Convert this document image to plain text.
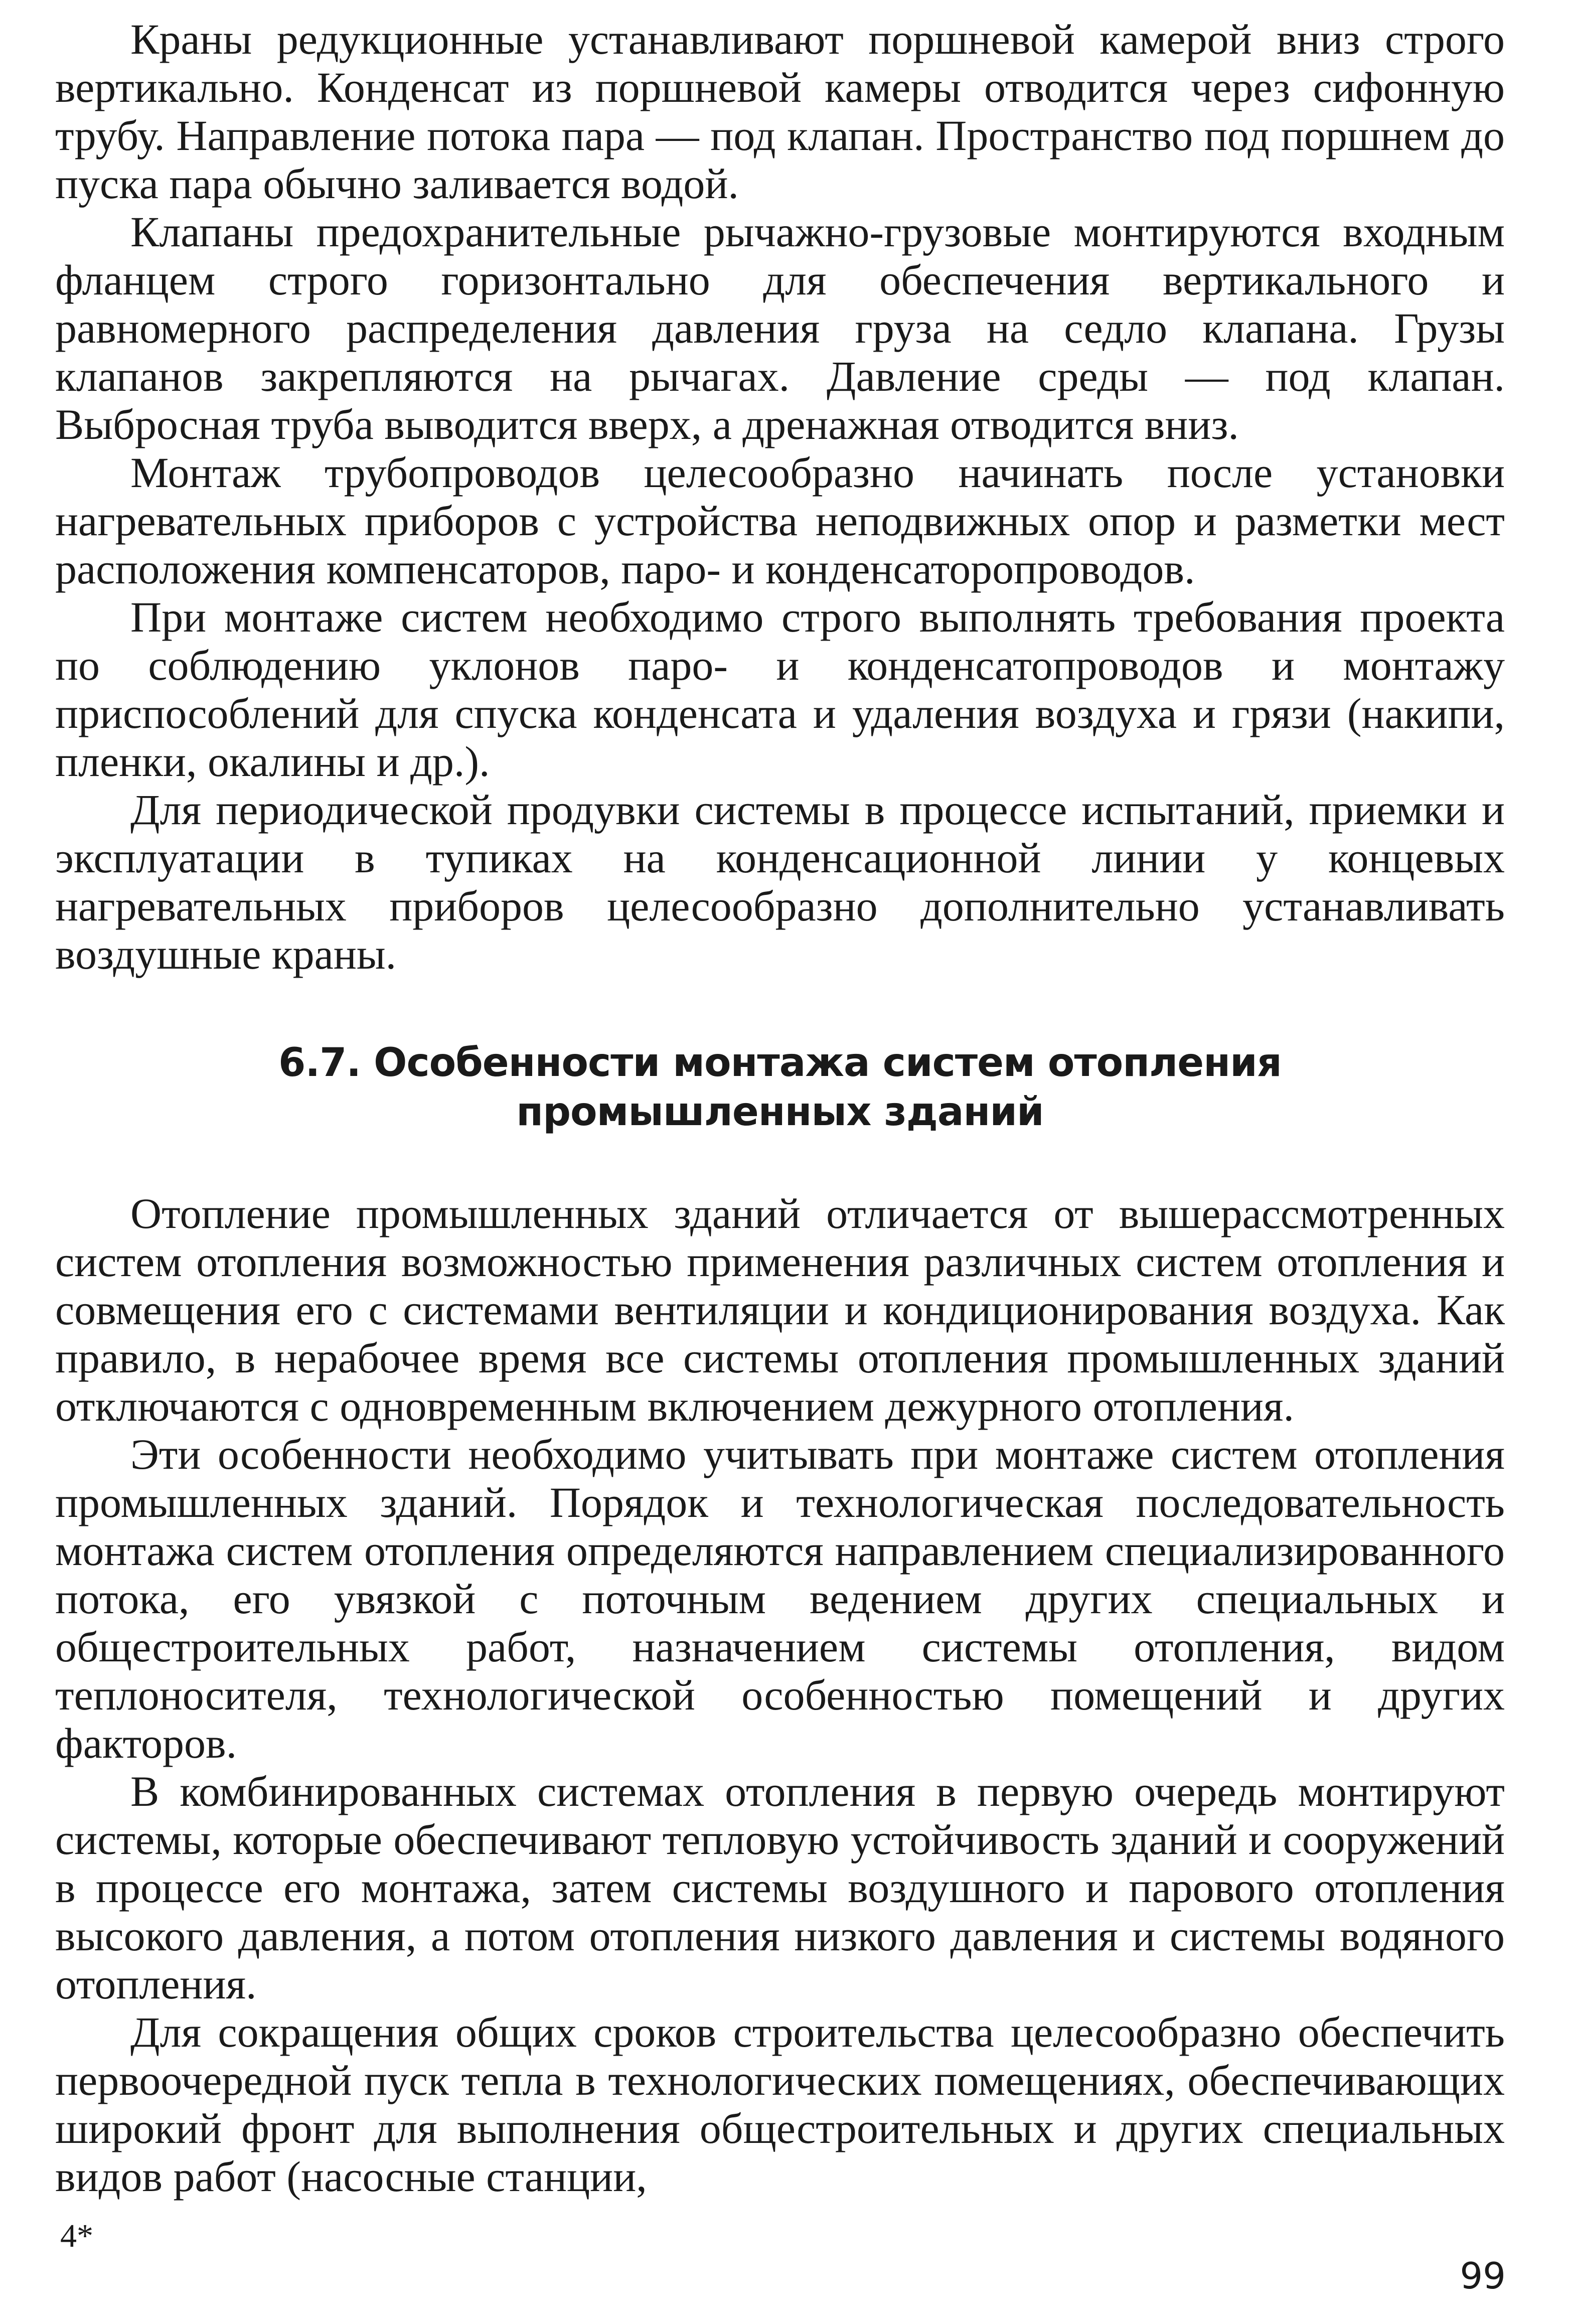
Краны редукционные устанавливают поршневой камерой вниз строго вертикально. Конденсат из поршневой камеры отводится через сифонную трубу. Направление потока пара — под клапан. Пространство под поршнем до пуска пара обычно заливается водой.

Клапаны предохранительные рычажно-грузовые монтируются входным фланцем строго горизонтально для обеспечения вертикального и равномерного распределения давления груза на седло клапана. Грузы клапанов закрепляются на рычагах. Давление среды — под клапан. Выбросная труба выводится вверх, а дренажная отводится вниз.

Монтаж трубопроводов целесообразно начинать после установки нагревательных приборов с устройства неподвижных опор и разметки мест расположения компенсаторов, паро- и конденсаторопроводов.

При монтаже систем необходимо строго выполнять требования проекта по соблюдению уклонов паро- и конденсатопроводов и монтажу приспособлений для спуска конденсата и удаления воздуха и грязи (накипи, пленки, окалины и др.).

Для периодической продувки системы в процессе испытаний, приемки и эксплуатации в тупиках на конденсационной линии у концевых нагревательных приборов целесообразно дополнительно устанавливать воздушные краны.

6.7. Особенности монтажа систем отопления
промышленных зданий

Отопление промышленных зданий отличается от вышерассмотренных систем отопления возможностью применения различных систем отопления и совмещения его с системами вентиляции и кондиционирования воздуха. Как правило, в нерабочее время все системы отопления промышленных зданий отключаются с одновременным включением дежурного отопления.

Эти особенности необходимо учитывать при монтаже систем отопления промышленных зданий. Порядок и технологическая последовательность монтажа систем отопления определяются направлением специализированного потока, его увязкой с поточным ведением других специальных и общестроительных работ, назначением системы отопления, видом теплоносителя, технологической особенностью помещений и других факторов.

В комбинированных системах отопления в первую очередь монтируют системы, которые обеспечивают тепловую устойчивость зданий и сооружений в процессе его монтажа, затем системы воздушного и парового отопления высокого давления, а потом отопления низкого давления и системы водяного отопления.

Для сокращения общих сроков строительства целесообразно обеспечить первоочередной пуск тепла в технологических помещениях, обеспечивающих широкий фронт для выполнения общестроительных и других специальных видов работ (насосные станции,

4*
99
